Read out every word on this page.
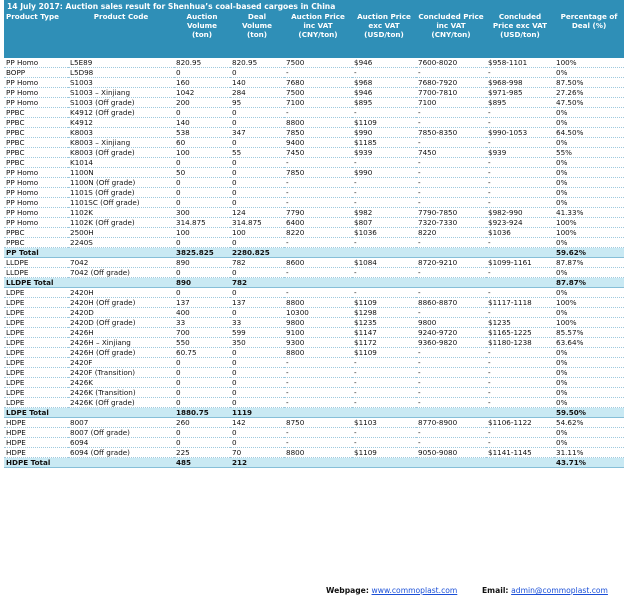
14 July 2017: Auction sales result for Shenhua’s coal-based cargoes in China								
Product Type	Product Code	Auction Volume (ton)	Deal Volume (ton)	Auction Price inc VAT (CNY/ton)	Auction Price exc VAT (USD/ton)	Concluded Price inc VAT (CNY/ton)	Concluded Price exc VAT (USD/ton)	Percentage of Deal (%)
PP Homo	L5E89	820.95	820.95	7500	$946	7600-8020	$958-1101	100%
BOPP	L5D98	0	0	-	-	-	-	0%
PP Homo	S1003	160	140	7680	$968	7680-7920	$968-998	87.50%
PP Homo	S1003 – Xinjiang	1042	284	7500	$946	7700-7810	$971-985	27.26%
PP Homo	S1003 (Off grade)	200	95	7100	$895	7100	$895	47.50%
PPBC	K4912 (Off grade)	0	0	-	-	-	-	0%
PPBC	K4912	140	0	8800	$1109	-	-	0%
PPBC	K8003	538	347	7850	$990	7850-8350	$990-1053	64.50%
PPBC	K8003 – Xinjiang	60	0	9400	$1185	-	-	0%
PPBC	K8003 (Off grade)	100	55	7450	$939	7450	$939	55%
PPBC	K1014	0	0	-	-	-	-	0%
PP Homo	1100N	50	0	7850	$990	-	-	0%
PP Homo	1100N (Off grade)	0	0	-	-	-	-	0%
PP Homo	1101S (Off grade)	0	0	-	-	-	-	0%
PP Homo	1101SC (Off grade)	0	0	-	-	-	-	0%
PP Homo	1102K	300	124	7790	$982	7790-7850	$982-990	41.33%
PP Homo	1102K (Off grade)	314.875	314.875	6400	$807	7320-7330	$923-924	100%
PPBC	2500H	100	100	8220	$1036	8220	$1036	100%
PPBC	2240S	0	0	-	-	-	-	0%
PP Total		3825.825	2280.825					59.62%
LLDPE	7042	890	782	8600	$1084	8720-9210	$1099-1161	87.87%
LLDPE	7042 (Off grade)	0	0	-	-	-	-	0%
LLDPE Total		890	782					87.87%
LDPE	2420H	0	0	-	-	-	-	0%
LDPE	2420H (Off grade)	137	137	8800	$1109	8860-8870	$1117-1118	100%
LDPE	2420D	400	0	10300	$1298	-	-	0%
LDPE	2420D (Off grade)	33	33	9800	$1235	9800	$1235	100%
LDPE	2426H	700	599	9100	$1147	9240-9720	$1165-1225	85.57%
LDPE	2426H – Xinjiang	550	350	9300	$1172	9360-9820	$1180-1238	63.64%
LDPE	2426H (Off grade)	60.75	0	8800	$1109	-	-	0%
LDPE	2420F	0	0	-	-	-	-	0%
LDPE	2420F (Transition)	0	0	-	-	-	-	0%
LDPE	2426K	0	0	-	-	-	-	0%
LDPE	2426K (Transition)	0	0	-	-	-	-	0%
LDPE	2426K (Off grade)	0	0	-	-	-	-	0%
LDPE Total		1880.75	1119					59.50%
HDPE	8007	260	142	8750	$1103	8770-8900	$1106-1122	54.62%
HDPE	8007 (Off grade)	0	0	-	-	-	-	0%
HDPE	6094	0	0	-	-	-	-	0%
HDPE	6094 (Off grade)	225	70	8800	$1109	9050-9080	$1141-1145	31.11%
HDPE Total		485	212					43.71%
Webpage: www.commoplast.com	Email: admin@commoplast.com
